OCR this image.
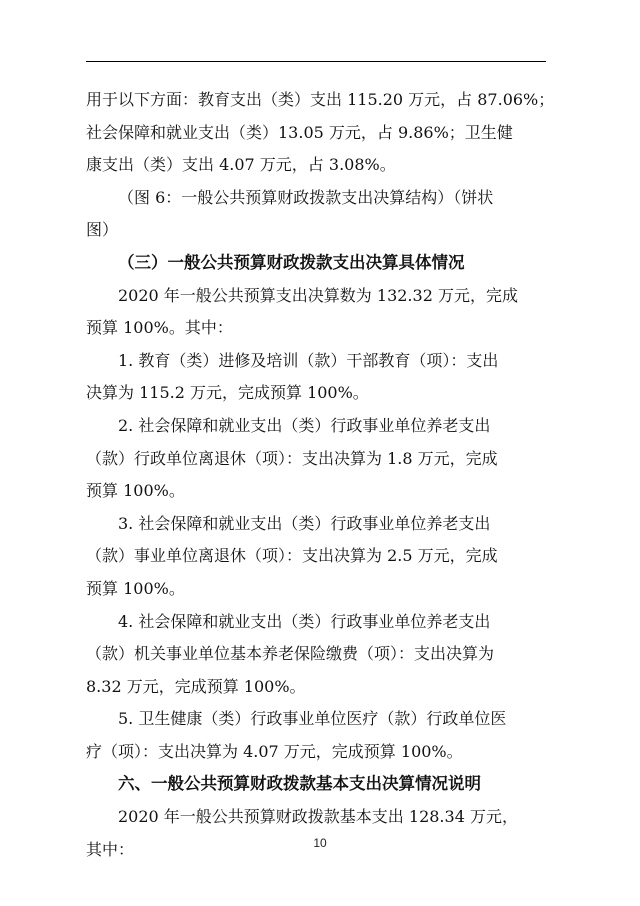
用于以下方面：教育支出（类）支出 115.20 万元，占 87.06%；
社会保障和就业支出（类）13.05 万元，占 9.86%；卫生健
康支出（类）支出 4.07 万元，占 3.08%。
（图 6：一般公共预算财政拨款支出决算结构）（饼状
图）
（三）一般公共预算财政拨款支出决算具体情况
2020 年一般公共预算支出决算数为 132.32 万元，完成
预算 100%。其中：
1. 教育（类）进修及培训（款）干部教育（项）：支出
决算为 115.2 万元，完成预算 100%。
2. 社会保障和就业支出（类）行政事业单位养老支出
（款）行政单位离退休（项）：支出决算为 1.8 万元，完成
预算 100%。
3. 社会保障和就业支出（类）行政事业单位养老支出
（款）事业单位离退休（项）：支出决算为 2.5 万元，完成
预算 100%。
4. 社会保障和就业支出（类）行政事业单位养老支出
（款）机关事业单位基本养老保险缴费（项）：支出决算为
8.32 万元，完成预算 100%。
5. 卫生健康（类）行政事业单位医疗（款）行政单位医
疗（项）：支出决算为 4.07 万元，完成预算 100%。
六、一般公共预算财政拨款基本支出决算情况说明
2020 年一般公共预算财政拨款基本支出 128.34 万元，
其中：	10
